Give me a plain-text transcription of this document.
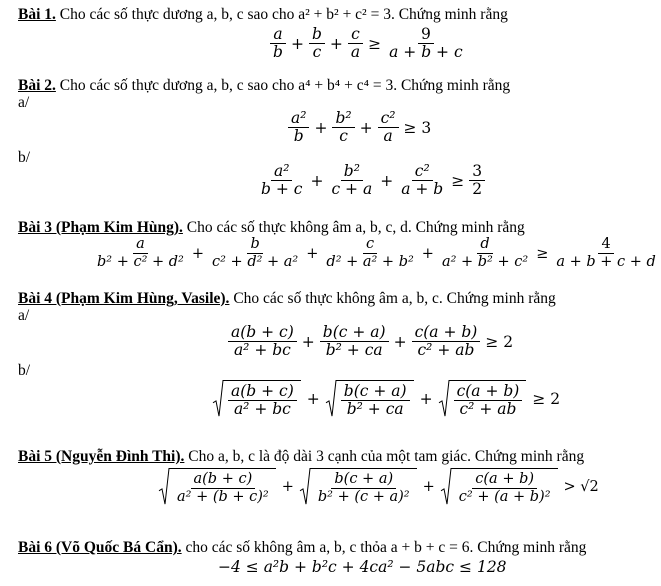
Bài 1. Cho các số thực dương a, b, c sao cho a² + b² + c² = 3. Chứng minh rằng
$\frac{a}{b} + \frac{b}{c} + \frac{c}{a} \ge \frac{9}{a + b + c}$
Bài 2. Cho các số thực dương a, b, c sao cho a⁴ + b⁴ + c⁴ = 3. Chứng minh rằng
a/
$\frac{\text{a²}}{b} + \frac{\text{b²}}{c} + \frac{\text{c²}}{a} \ge 3$
b/
$\frac{\text{a²}}{b + c} + \frac{\text{b²}}{c + a} + \frac{\text{c²}}{a + b} \ge \frac{3}{2}$
Bài 3 (Phạm Kim Hùng). Cho các số thực không âm a, b, c, d. Chứng minh rằng
$\frac{a}{\text{b² + c² + d²}} + \frac{b}{\text{c² + d² + a²}} + \frac{c}{\text{d² + a² + b²}} + \frac{d}{\text{a² + b² + c²}} \ge \frac{4}{a + b + c + d}$
Bài 4 (Phạm Kim Hùng, Vasile). Cho các số thực không âm a, b, c. Chứng minh rằng
a/
$\frac{a(b + c)}{\text{a² + bc}} + \frac{b(c + a)}{\text{b² + ca}} + \frac{c(a + b)}{\text{c² + ab}} \ge 2$
b/
$\frac{a(b + c)}{\text{a² + bc}} + \frac{b(c + a)}{\text{b² + ca}} + \frac{c(a + b)}{\text{c² + ab}} \ge 2$
Bài 5 (Nguyễn Đình Thi). Cho a, b, c là độ dài 3 cạnh của một tam giác. Chứng minh rằng
$\frac{a(b + c)}{\text{a² + (b + c)²}} + \frac{b(c + a)}{\text{b² + (c + a)²}} + \frac{c(a + b)}{\text{c² + (a + b)²}} > √2$
Bài 6 (Võ Quốc Bá Cẩn). cho các số không âm a, b, c thỏa a + b + c = 6. Chứng minh rằng
−4 ≤ a²b + b²c + 4ca² − 5abc ≤ 128
